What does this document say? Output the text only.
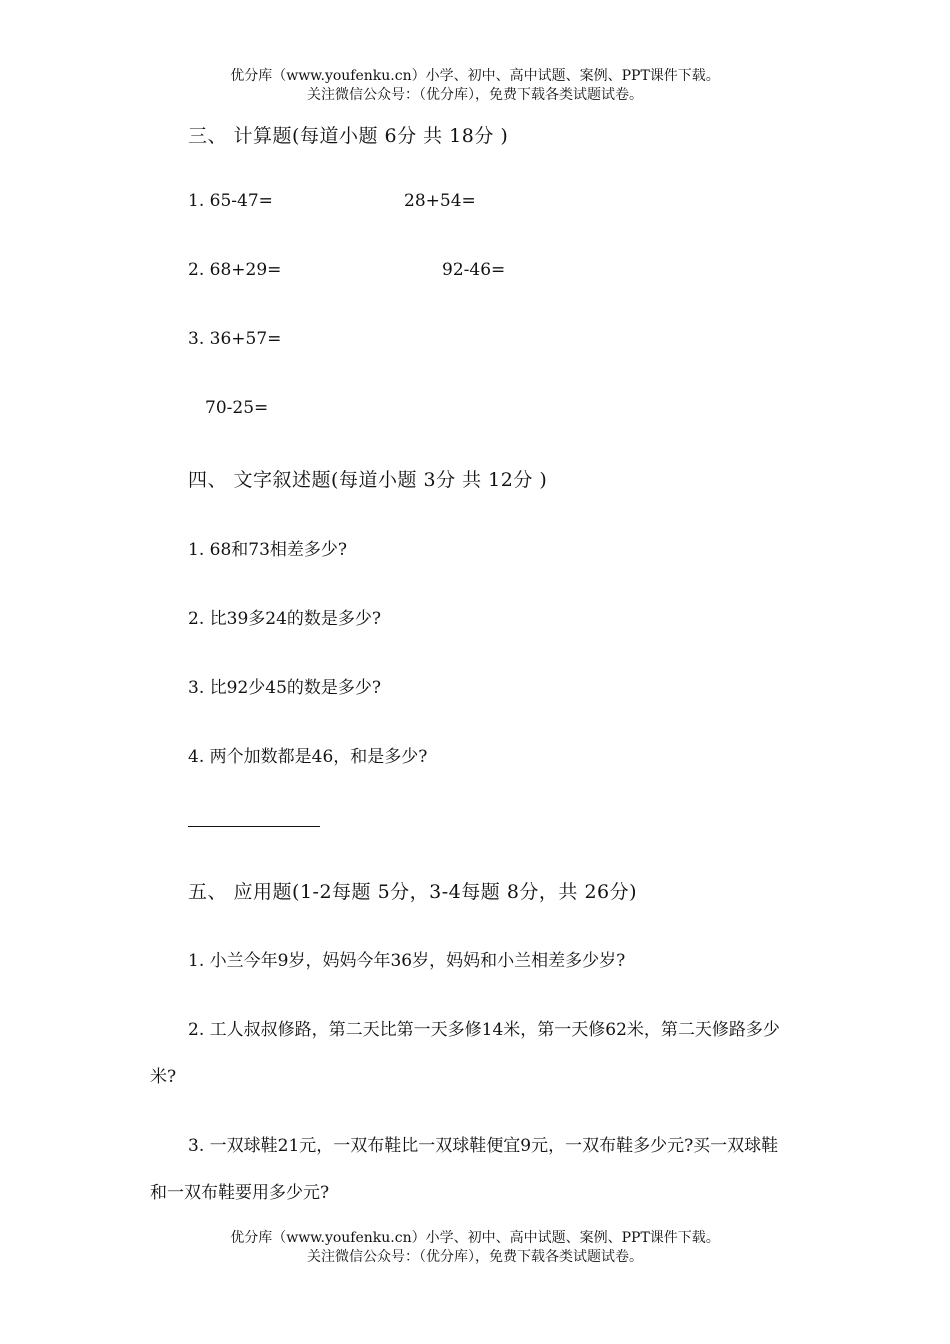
优分库（www.youfenku.cn）小学、初中、高中试题、案例、PPT课件下载。
关注微信公众号：（优分库），免费下载各类试题试卷。
三、 计算题(每道小题 6分 共 18分 )
1. 65-47=	28+54=
2. 68+29=	92-46=
3. 36+57=
70-25=
四、 文字叙述题(每道小题 3分 共 12分 )
1. 68和73相差多少?
2. 比39多24的数是多少?
3. 比92少45的数是多少?
4. 两个加数都是46，和是多少?
五、 应用题(1-2每题 5分，3-4每题 8分，共 26分)
1. 小兰今年9岁，妈妈今年36岁，妈妈和小兰相差多少岁?
2. 工人叔叔修路，第二天比第一天多修14米，第一天修62米，第二天修路多少
米?
3. 一双球鞋21元，一双布鞋比一双球鞋便宜9元，一双布鞋多少元?买一双球鞋
和一双布鞋要用多少元?
优分库（www.youfenku.cn）小学、初中、高中试题、案例、PPT课件下载。
关注微信公众号：（优分库），免费下载各类试题试卷。
